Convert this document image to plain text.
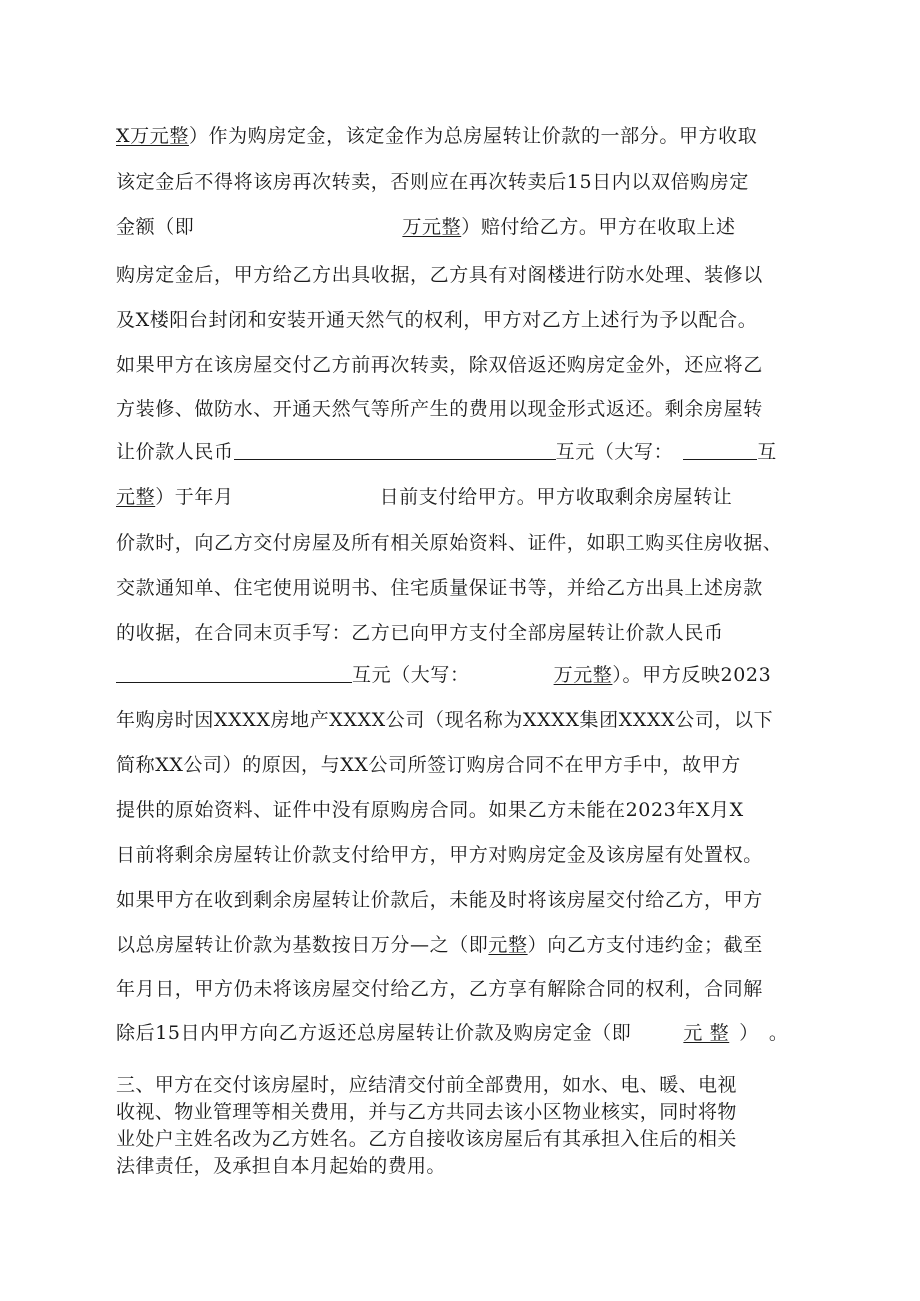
X万元整）作为购房定金，该定金作为总房屋转让价款的一部分。甲方收取
该定金后不得将该房再次转卖，否则应在再次转卖后15日内以双倍购房定
金额（即	万元整）赔付给乙方。甲方在收取上述
购房定金后，甲方给乙方出具收据，乙方具有对阁楼进行防水处理、装修以
及X楼阳台封闭和安装开通天然气的权利，甲方对乙方上述行为予以配合。
如果甲方在该房屋交付乙方前再次转卖，除双倍返还购房定金外，还应将乙
方装修、做防水、开通天然气等所产生的费用以现金形式返还。剩余房屋转
让价款人民币	互元（大写：	互
元整）于年月	日前支付给甲方。甲方收取剩余房屋转让
价款时，向乙方交付房屋及所有相关原始资料、证件，如职工购买住房收据、
交款通知单、住宅使用说明书、住宅质量保证书等，并给乙方出具上述房款
的收据，在合同末页手写：乙方已向甲方支付全部房屋转让价款人民币
互元（大写：	万元整）。甲方反映2023
年购房时因XXXX房地产XXXX公司（现名称为XXXX集团XXXX公司，以下
简称XX公司）的原因，与XX公司所签订购房合同不在甲方手中，故甲方
提供的原始资料、证件中没有原购房合同。如果乙方未能在2023年X月X
日前将剩余房屋转让价款支付给甲方，甲方对购房定金及该房屋有处置权。
如果甲方在收到剩余房屋转让价款后，未能及时将该房屋交付给乙方，甲方
以总房屋转让价款为基数按日万分—之（即元整）向乙方支付违约金；截至
年月日，甲方仍未将该房屋交付给乙方，乙方享有解除合同的权利，合同解
除后15日内甲方向乙方返还总房屋转让价款及购房定金（即	元 整 ） 。
三、甲方在交付该房屋时，应结清交付前全部费用，如水、电、暖、电视
收视、物业管理等相关费用，并与乙方共同去该小区物业核实，同时将物
业处户主姓名改为乙方姓名。乙方自接收该房屋后有其承担入住后的相关
法律责任，及承担自本月起始的费用。
